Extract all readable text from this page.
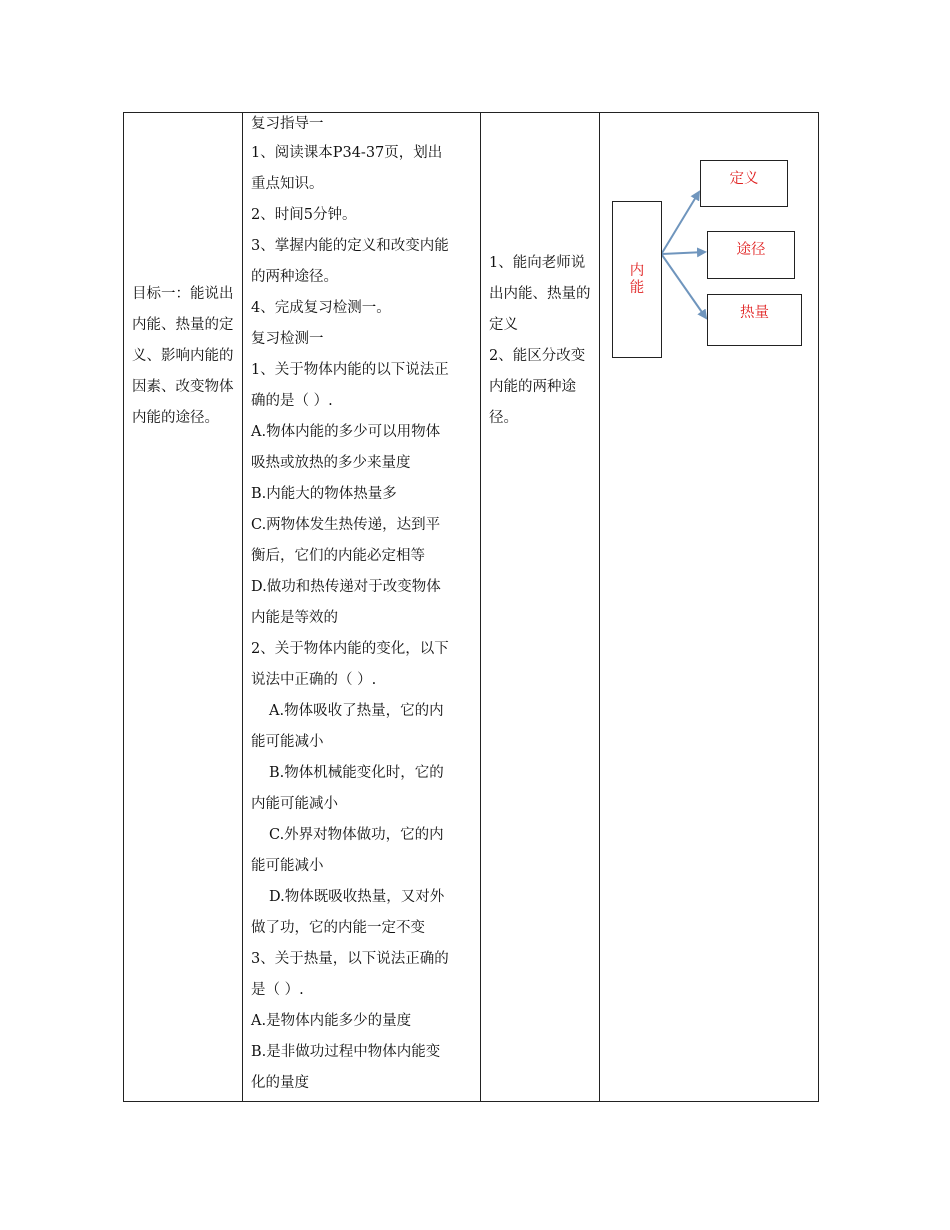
目标一：能说出内能、热量的定义、影响内能的因素、改变物体内能的途径。

复习指导一
1、阅读课本P34-37页，划出
重点知识。
2、时间5分钟。
3、掌握内能的定义和改变内能
的两种途径。
4、完成复习检测一。
复习检测一
1、关于物体内能的以下说法正
确的是（ ）.
A.物体内能的多少可以用物体
吸热或放热的多少来量度
B.内能大的物体热量多
C.两物体发生热传递，达到平
衡后，它们的内能必定相等
D.做功和热传递对于改变物体
内能是等效的
2、关于物体内能的变化，以下
说法中正确的（ ）.
A.物体吸收了热量，它的内
能可能减小
B.物体机械能变化时，它的
内能可能减小
C.外界对物体做功，它的内
能可能减小
D.物体既吸收热量，又对外
做了功，它的内能一定不变
3、关于热量，以下说法正确的
是（ ）.
A.是物体内能多少的量度
B.是非做功过程中物体内能变
化的量度

1、能向老师说出内能、热量的定义

2、能区分改变内能的两种途径。

内能
定义
途径
热量
